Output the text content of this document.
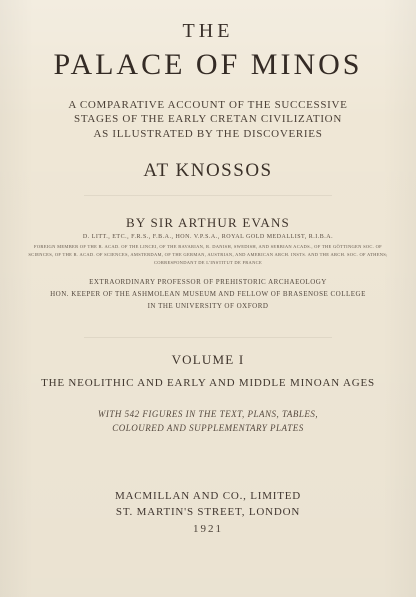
THE
PALACE OF MINOS
A COMPARATIVE ACCOUNT OF THE SUCCESSIVE
STAGES OF THE EARLY CRETAN CIVILIZATION
AS ILLUSTRATED BY THE DISCOVERIES
AT KNOSSOS
BY SIR ARTHUR EVANS
D. LITT., ETC., F.R.S., F.B.A., HON. V.P.S.A., ROYAL GOLD MEDALLIST, R.I.B.A.
FOREIGN MEMBER OF THE R. ACAD. OF THE LINCEI, OF THE BAVARIAN, R. DANISH, SWEDISH, AND SERBIAN ACADS., OF THE GÖTTINGEN SOC. OF
SCIENCES, OF THE R. ACAD. OF SCIENCES, AMSTERDAM, OF THE GERMAN, AUSTRIAN, AND AMERICAN ARCH. INSTS. AND THE ARCH. SOC. OF ATHENS;
CORRESPONDANT DE L'INSTITUT DE FRANCE
EXTRAORDINARY PROFESSOR OF PREHISTORIC ARCHAEOLOGY
HON. KEEPER OF THE ASHMOLEAN MUSEUM AND FELLOW OF BRASENOSE COLLEGE
IN THE UNIVERSITY OF OXFORD
VOLUME I
THE NEOLITHIC AND EARLY AND MIDDLE MINOAN AGES
WITH 542 FIGURES IN THE TEXT, PLANS, TABLES,
COLOURED AND SUPPLEMENTARY PLATES
MACMILLAN AND CO., LIMITED
ST. MARTIN'S STREET, LONDON
1921
